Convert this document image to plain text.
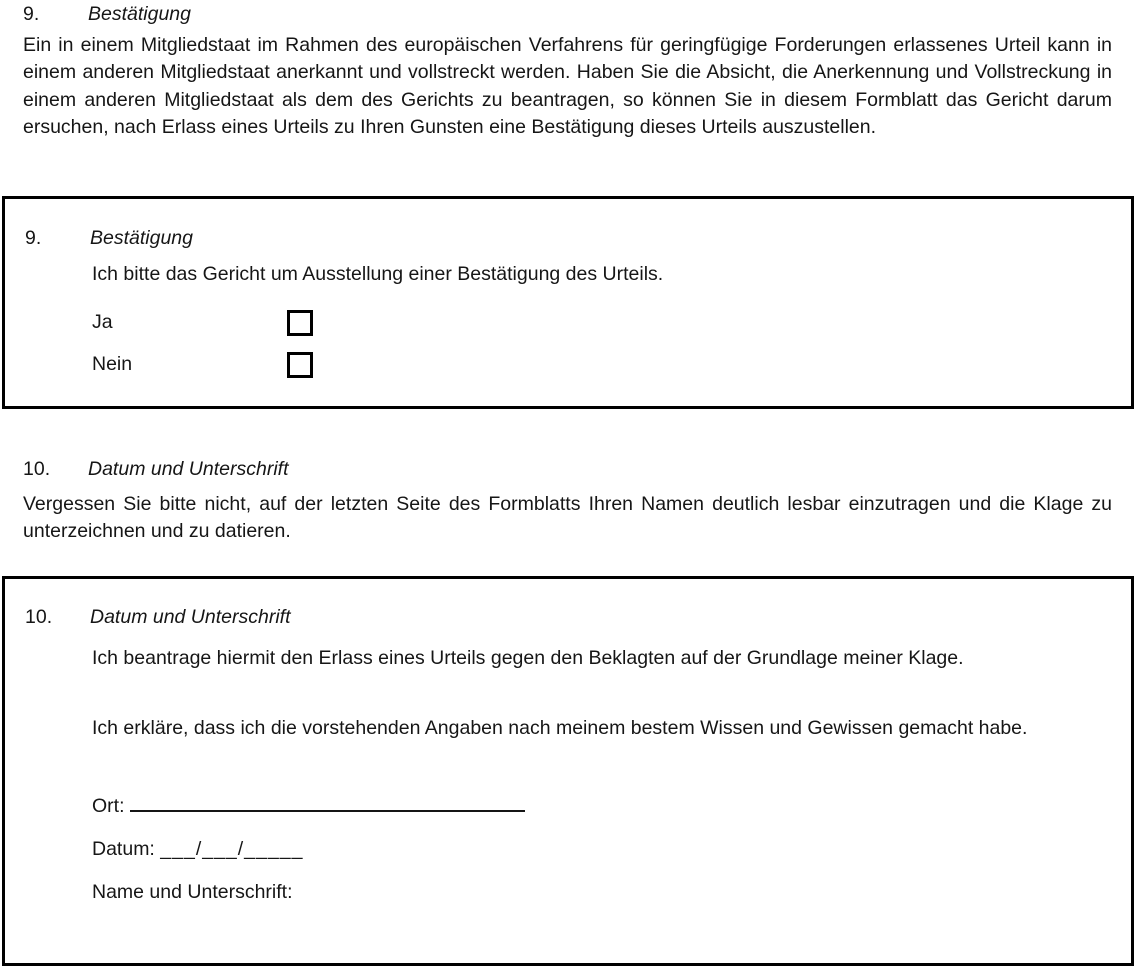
9.	Bestätigung

Ein in einem Mitgliedstaat im Rahmen des europäischen Verfahrens für geringfügige Forderungen erlassenes Urteil kann in einem anderen Mitgliedstaat anerkannt und vollstreckt werden. Haben Sie die Absicht, die Anerkennung und Vollstreckung in einem anderen Mitgliedstaat als dem des Gerichts zu beantragen, so können Sie in diesem Formblatt das Gericht darum ersuchen, nach Erlass eines Urteils zu Ihren Gunsten eine Bestätigung dieses Urteils auszustellen.

9.	Bestätigung

Ich bitte das Gericht um Ausstellung einer Bestätigung des Urteils.

Ja
Nein
10.	Datum und Unterschrift

Vergessen Sie bitte nicht, auf der letzten Seite des Formblatts Ihren Namen deutlich lesbar einzutragen und die Klage zu unterzeichnen und zu datieren.

10.	Datum und Unterschrift

Ich beantrage hiermit den Erlass eines Urteils gegen den Beklagten auf der Grundlage meiner Klage.

Ich erkläre, dass ich die vorstehenden Angaben nach meinem bestem Wissen und Gewissen gemacht habe.

Ort:
Datum: ___/___/_____
Name und Unterschrift:
